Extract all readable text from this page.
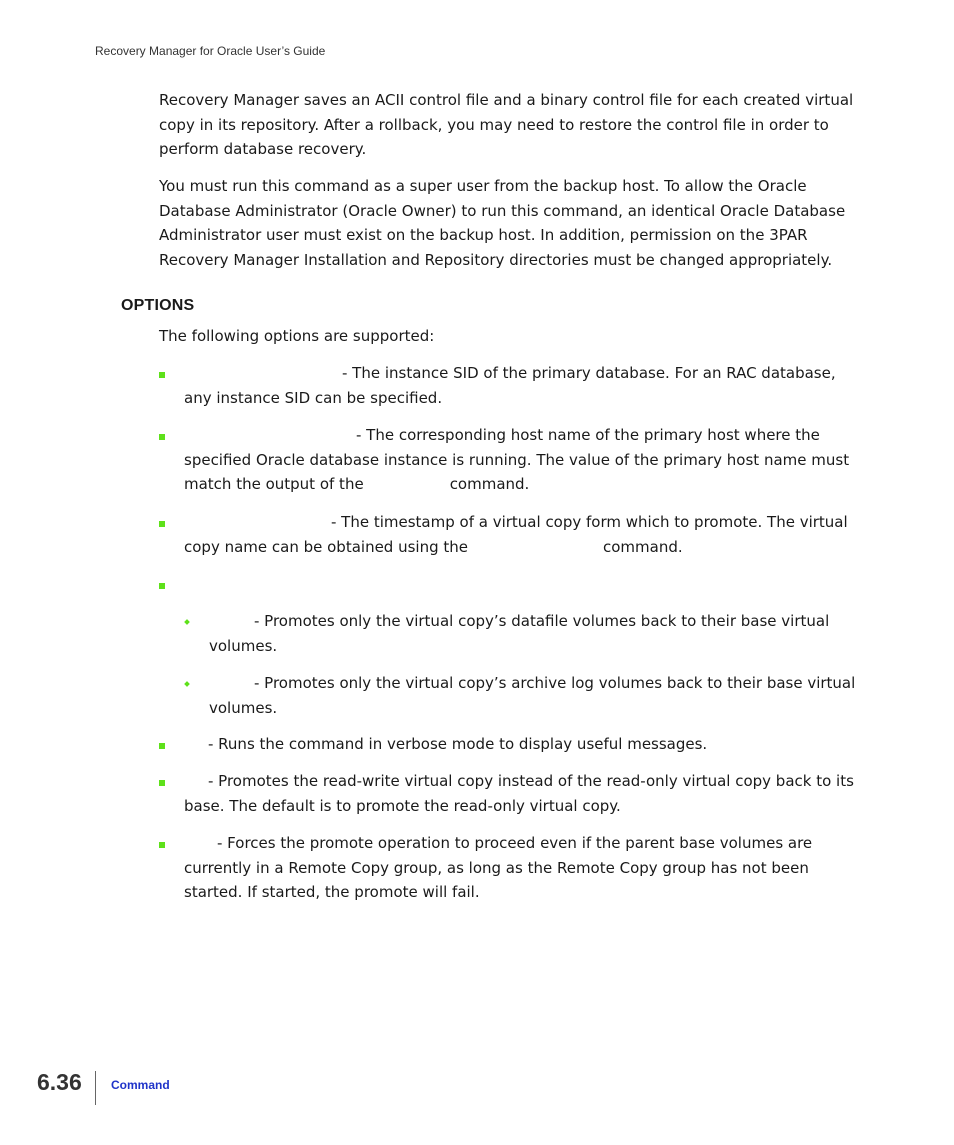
Recovery Manager for Oracle User’s Guide

Recovery Manager saves an ACII control file and a binary control file for each created virtual copy in its repository. After a rollback, you may need to restore the control file in order to perform database recovery.

You must run this command as a super user from the backup host. To allow the Oracle Database Administrator (Oracle Owner) to run this command, an identical Oracle Database Administrator user must exist on the backup host. In addition, permission on the 3PAR Recovery Manager Installation and Repository directories must be changed appropriately.

OPTIONS

The following options are supported:

- The instance SID of the primary database. For an RAC database, any instance SID can be specified.

- The corresponding host name of the primary host where the specified Oracle database instance is running. The value of the primary host name must match the output of the	command.

- The timestamp of a virtual copy form which to promote. The virtual copy name can be obtained using the	command.

- Promotes only the virtual copy’s datafile volumes back to their base virtual volumes.

- Promotes only the virtual copy’s archive log volumes back to their base virtual volumes.

- Runs the command in verbose mode to display useful messages.

- Promotes the read-write virtual copy instead of the read-only virtual copy back to its base. The default is to promote the read-only virtual copy.

- Forces the promote operation to proceed even if the parent base volumes are currently in a Remote Copy group, as long as the Remote Copy group has not been started. If started, the promote will fail.

6.36 Command
